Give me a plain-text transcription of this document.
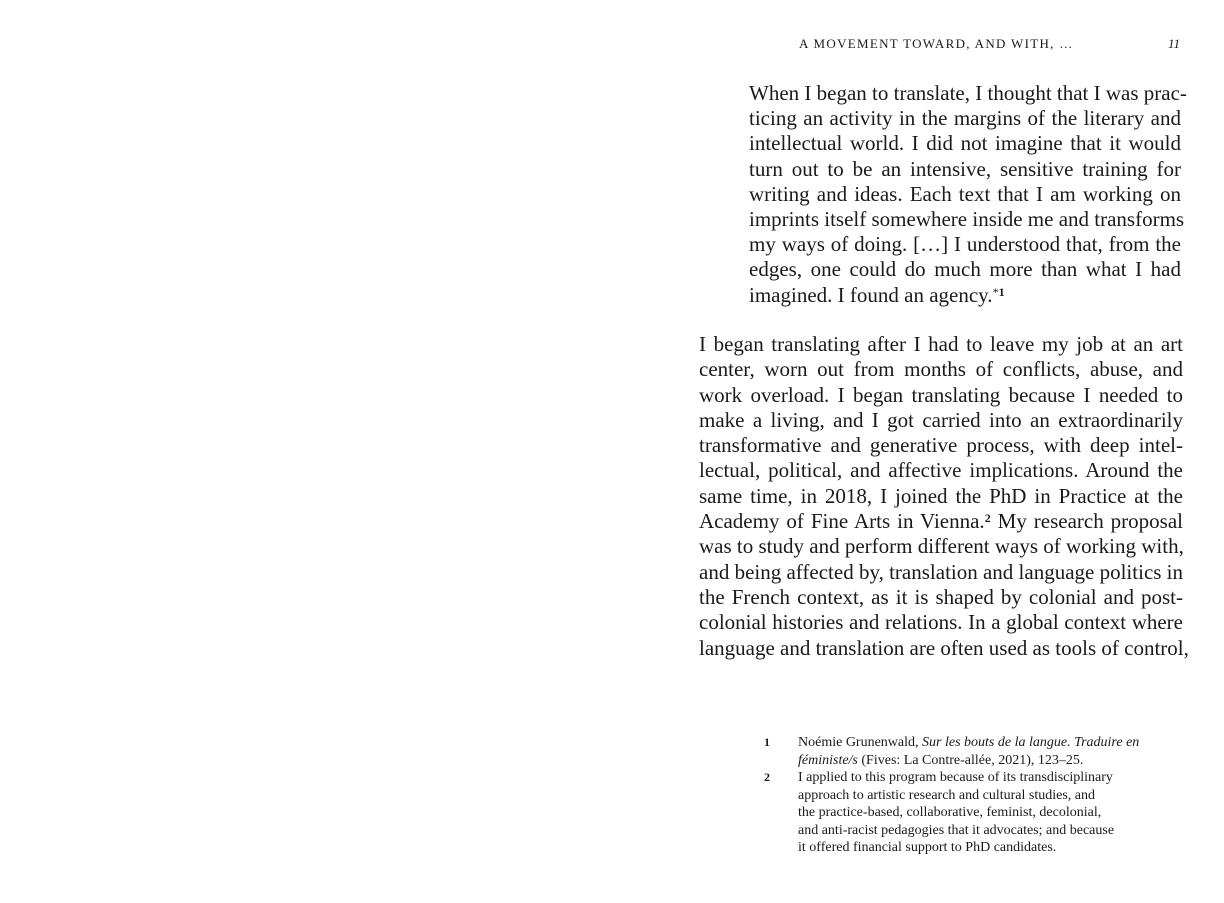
A MOVEMENT TOWARD, AND WITH, …	11
When I began to translate, I thought that I was prac-
ticing an activity in the margins of the literary and
intellectual world. I did not imagine that it would
turn out to be an intensive, sensitive training for
writing and ideas. Each text that I am working on
imprints itself somewhere inside me and transforms
my ways of doing. […] I understood that, from the
edges, one could do much more than what I had
imagined. I found an agency.$^{*1}$
I began translating after I had to leave my job at an art
center, worn out from months of conflicts, abuse, and
work overload. I began translating because I needed to
make a living, and I got carried into an extraordinarily
transformative and generative process, with deep intel-
lectual, political, and affective implications. Around the
same time, in 2018, I joined the PhD in Practice at the
Academy of Fine Arts in Vienna.$^2$ My research proposal
was to study and perform different ways of working with,
and being affected by, translation and language politics in
the French context, as it is shaped by colonial and post-
colonial histories and relations. In a global context where
language and translation are often used as tools of control,
1 Noémie Grunenwald, Sur les bouts de la langue. Traduire en
féministe/s (Fives: La Contre-allée, 2021), 123–25.
2 I applied to this program because of its transdisciplinary
approach to artistic research and cultural studies, and
the practice-based, collaborative, feminist, decolonial,
and anti-racist pedagogies that it advocates; and because
it offered financial support to PhD candidates.
